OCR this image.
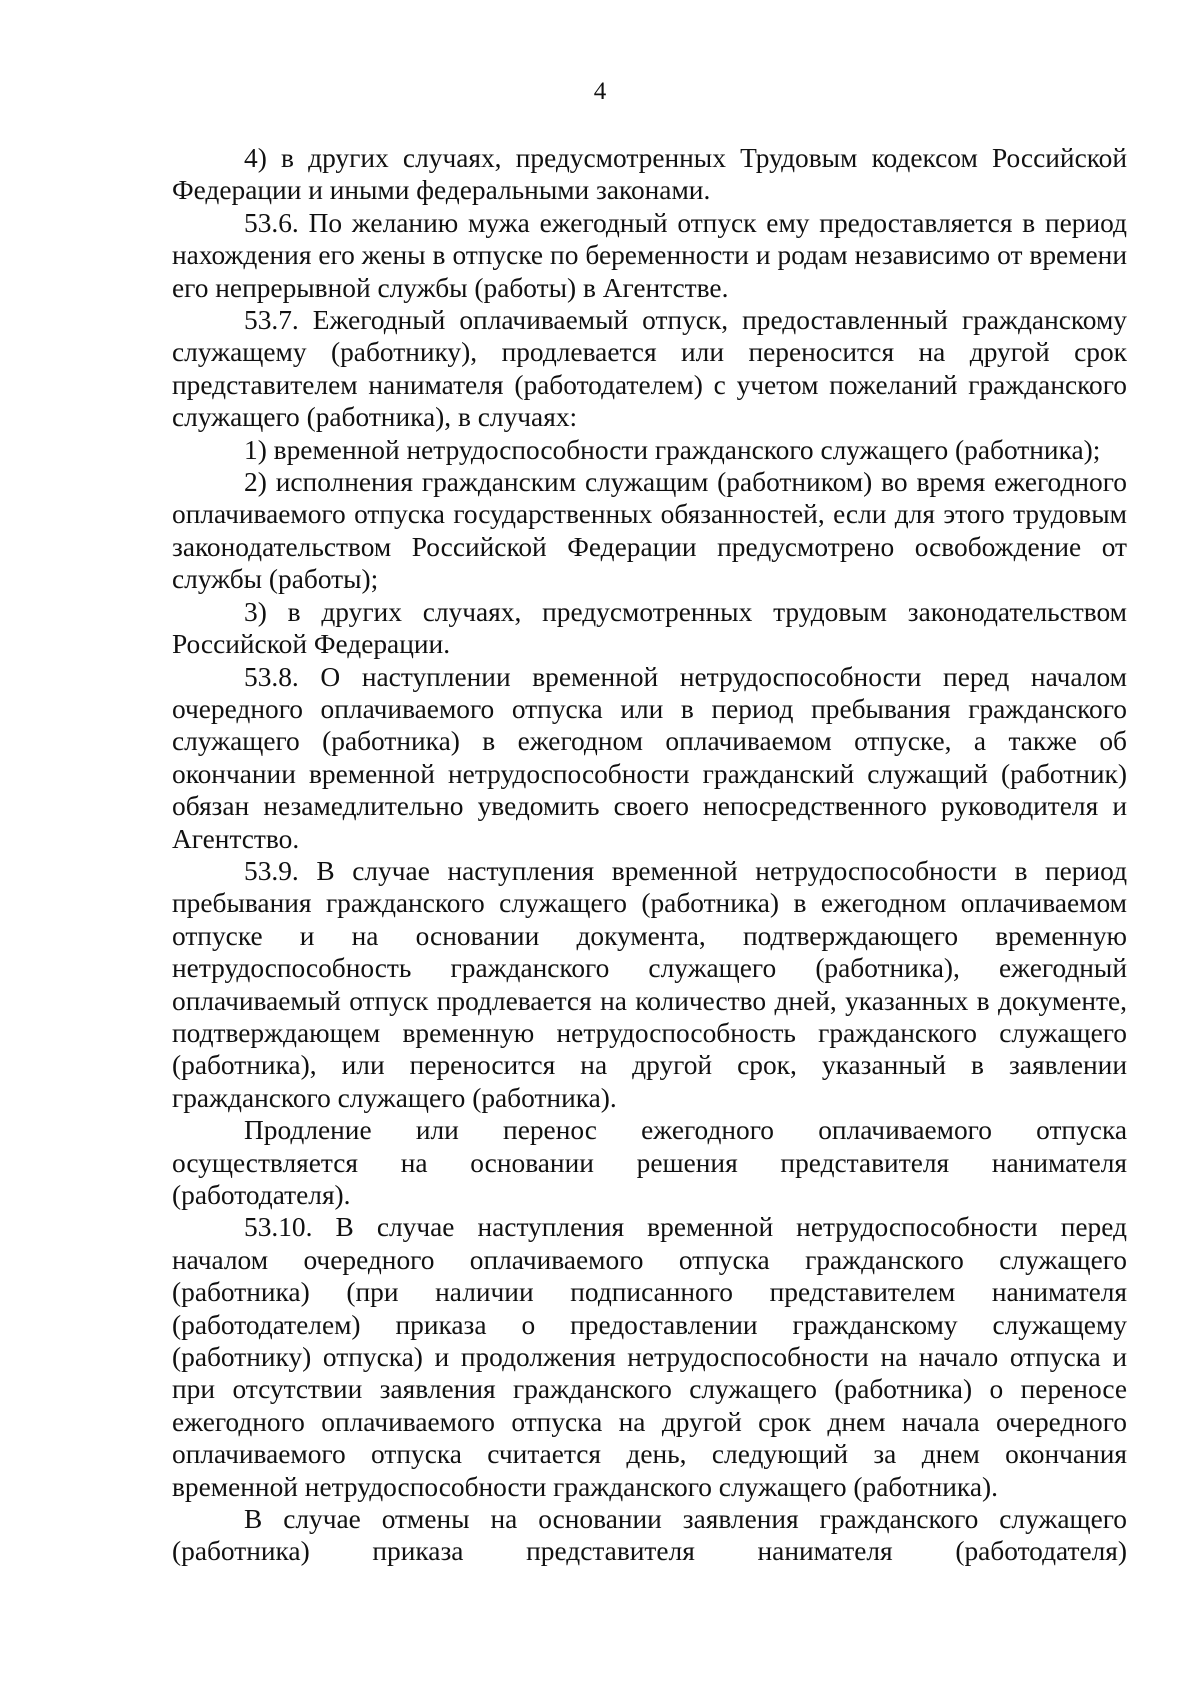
4

4) в других случаях, предусмотренных Трудовым кодексом Российской Федерации и иными федеральными законами.

53.6. По желанию мужа ежегодный отпуск ему предоставляется в период нахождения его жены в отпуске по беременности и родам независимо от времени его непрерывной службы (работы) в Агентстве.

53.7. Ежегодный оплачиваемый отпуск, предоставленный гражданскому служащему (работнику), продлевается или переносится на другой срок представителем нанимателя (работодателем) с учетом пожеланий гражданского служащего (работника), в случаях:

1) временной нетрудоспособности гражданского служащего (работника);

2) исполнения гражданским служащим (работником) во время ежегодного оплачиваемого отпуска государственных обязанностей, если для этого трудовым законодательством Российской Федерации предусмотрено освобождение от службы (работы);

3) в других случаях, предусмотренных трудовым законодательством Российской Федерации.

53.8. О наступлении временной нетрудоспособности перед началом очередного оплачиваемого отпуска или в период пребывания гражданского служащего (работника) в ежегодном оплачиваемом отпуске, а также об окончании временной нетрудоспособности гражданский служащий (работник) обязан незамедлительно уведомить своего непосредственного руководителя и Агентство.

53.9. В случае наступления временной нетрудоспособности в период пребывания гражданского служащего (работника) в ежегодном оплачиваемом отпуске и на основании документа, подтверждающего временную нетрудоспособность гражданского служащего (работника), ежегодный оплачиваемый отпуск продлевается на количество дней, указанных в документе, подтверждающем временную нетрудоспособность гражданского служащего (работника), или переносится на другой срок, указанный в заявлении гражданского служащего (работника).

Продление или перенос ежегодного оплачиваемого отпуска осуществляется на основании решения представителя нанимателя (работодателя).

53.10. В случае наступления временной нетрудоспособности перед началом очередного оплачиваемого отпуска гражданского служащего (работника) (при наличии подписанного представителем нанимателя (работодателем) приказа о предоставлении гражданскому служащему (работнику) отпуска) и продолжения нетрудоспособности на начало отпуска и при отсутствии заявления гражданского служащего (работника) о переносе ежегодного оплачиваемого отпуска на другой срок днем начала очередного оплачиваемого отпуска считается день, следующий за днем окончания временной нетрудоспособности гражданского служащего (работника).

В случае отмены на основании заявления гражданского служащего (работника) приказа представителя нанимателя (работодателя)
